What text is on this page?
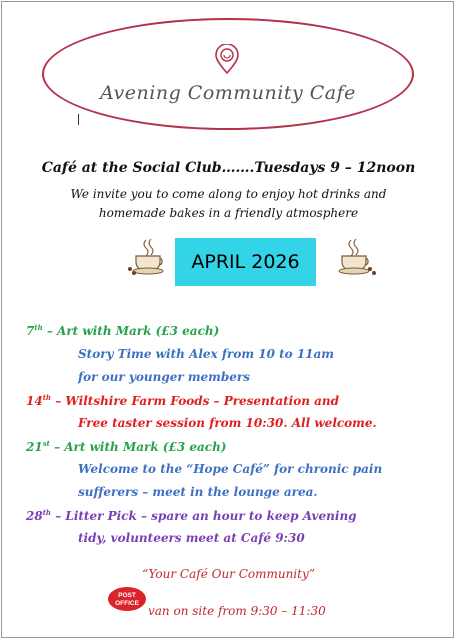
Avening Community Cafe
Café at the Social Club…….Tuesdays 9 – 12noon
We invite you to come along to enjoy hot drinks and
homemade bakes in a friendly atmosphere
APRIL 2026
7th – Art with Mark (£3 each)
Story Time with Alex from 10 to 11am
for our younger members
14th – Wiltshire Farm Foods – Presentation and
Free taster session from 10:30. All welcome.
21st – Art with Mark (£3 each)
Welcome to the “Hope Café” for chronic pain
sufferers – meet in the lounge area.
28th – Litter Pick – spare an hour to keep Avening
tidy, volunteers meet at Café 9:30
“Your Café Our Community”
POST
OFFICE
van on site from 9:30 – 11:30
